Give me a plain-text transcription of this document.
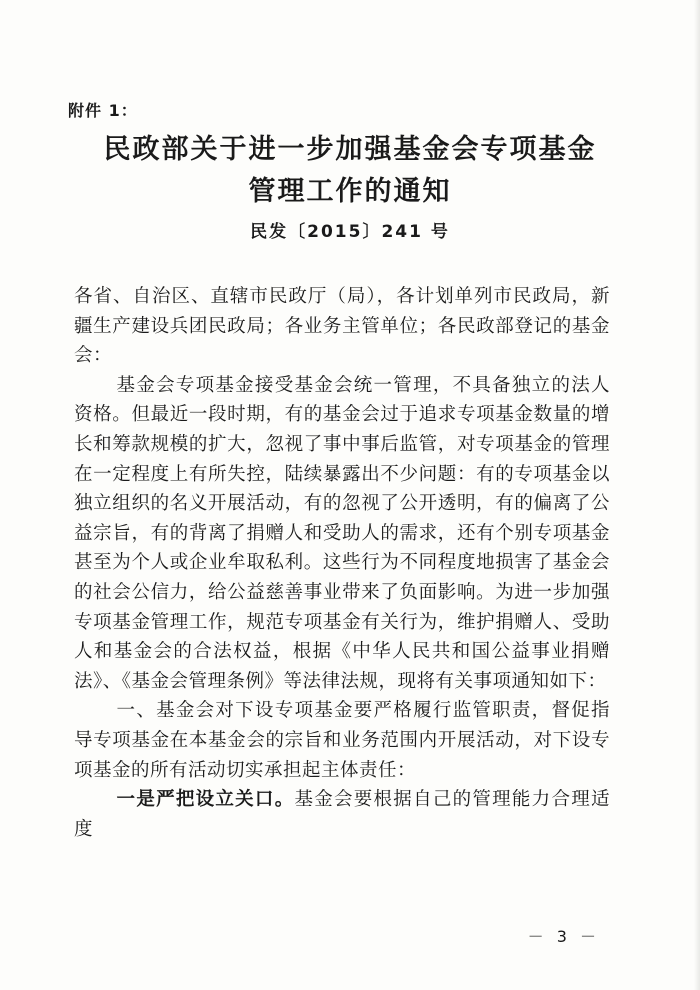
附件 1：
民政部关于进一步加强基金会专项基金
管理工作的通知
民发〔2015〕241 号

各省、自治区、直辖市民政厅（局），各计划单列市民政局，新疆生产建设兵团民政局；各业务主管单位；各民政部登记的基金会：

基金会专项基金接受基金会统一管理，不具备独立的法人资格。但最近一段时期，有的基金会过于追求专项基金数量的增长和筹款规模的扩大，忽视了事中事后监管，对专项基金的管理在一定程度上有所失控，陆续暴露出不少问题：有的专项基金以独立组织的名义开展活动，有的忽视了公开透明，有的偏离了公益宗旨，有的背离了捐赠人和受助人的需求，还有个别专项基金甚至为个人或企业牟取私利。这些行为不同程度地损害了基金会的社会公信力，给公益慈善事业带来了负面影响。为进一步加强专项基金管理工作，规范专项基金有关行为，维护捐赠人、受助人和基金会的合法权益，根据《中华人民共和国公益事业捐赠法》、《基金会管理条例》等法律法规，现将有关事项通知如下：

一、基金会对下设专项基金要严格履行监管职责，督促指导专项基金在本基金会的宗旨和业务范围内开展活动，对下设专项基金的所有活动切实承担起主体责任：

一是严把设立关口。基金会要根据自己的管理能力合理适度

－ 3 －
